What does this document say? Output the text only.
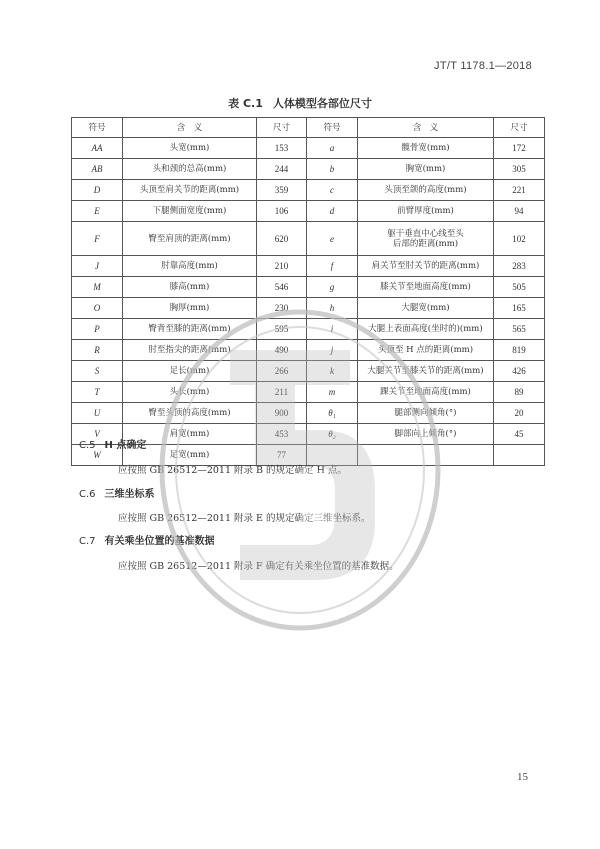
JT/T 1178.1—2018
表 C.1 人体模型各部位尺寸
符号	含　义	尺寸	符号	含　义	尺寸
AA	头宽(mm)	153	a	髋骨宽(mm)	172
AB	头和颈的总高(mm)	244	b	胸宽(mm)	305
D	头顶至肩关节的距离(mm)	359	c	头顶至颌的高度(mm)	221
E	下腿侧面宽度(mm)	106	d	前臂厚度(mm)	94
F	臀至肩顶的距离(mm)	620	e	躯干垂直中心线至头
后部的距离(mm)	102
J	肘靠高度(mm)	210	f	肩关节至肘关节的距离(mm)	283
M	膝高(mm)	546	g	膝关节至地面高度(mm)	505
O	胸厚(mm)	230	h	大腿宽(mm)	165
P	臀背至膝的距离(mm)	595	i	大腿上表面高度(坐时的)(mm)	565
R	肘至指尖的距离(mm)	490	j	头顶至 H 点的距离(mm)	819
S	足长(mm)	266	k	大腿关节至膝关节的距离(mm)	426
T	头长(mm)	211	m	踝关节至地面高度(mm)	89
U	臀至头顶的高度(mm)	900	θ₁	腿部侧向倾角(°)	20
V	肩宽(mm)	453	θ₂	脚部向上倾角(°)	45
W	足宽(mm)	77			
C.5 H 点确定
应按照 GB 26512—2011 附录 B 的规定确定 H 点。
C.6 三维坐标系
应按照 GB 26512—2011 附录 E 的规定确定三维坐标系。
C.7 有关乘坐位置的基准数据
应按照 GB 26512—2011 附录 F 确定有关乘坐位置的基准数据。
15
